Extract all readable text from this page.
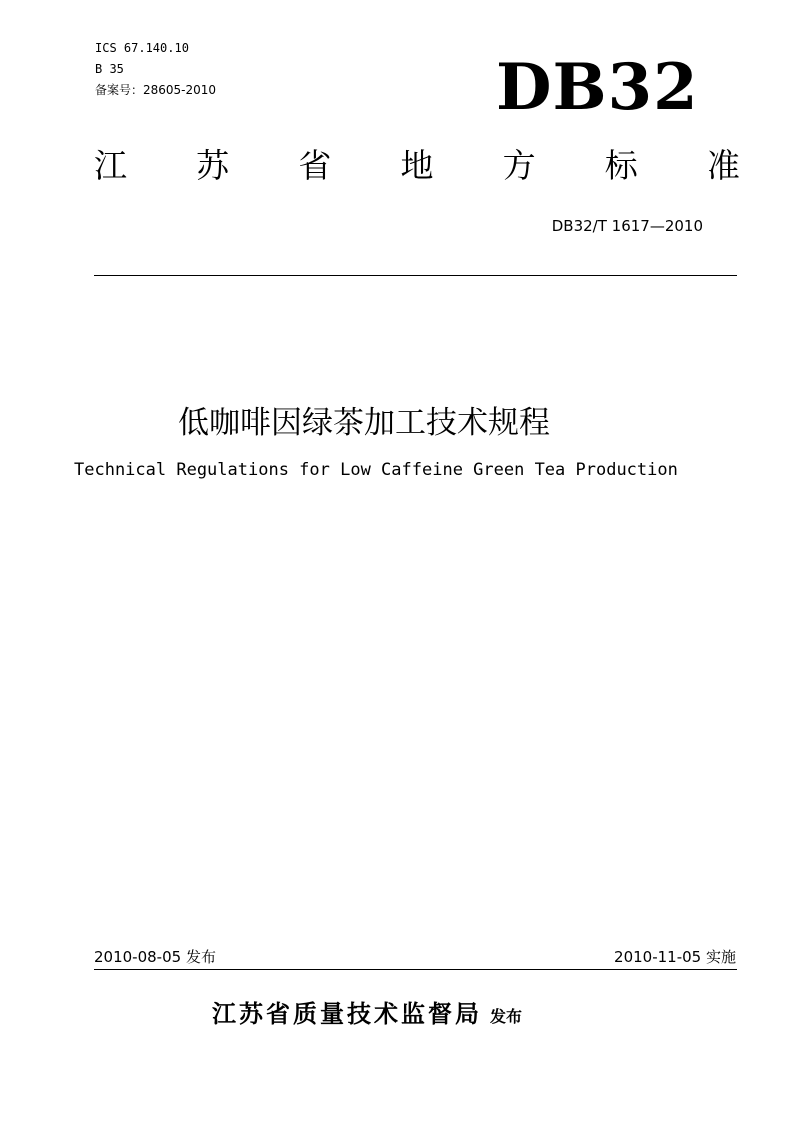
ICS 67.140.10
B 35
备案号：28605-2010	DB32
江 苏 省 地 方 标 准
DB32/T 1617—2010
低咖啡因绿茶加工技术规程
Technical Regulations for Low Caffeine Green Tea Production
2010-08-05 发布	2010-11-05 实施
江苏省质量技术监督局 发布
